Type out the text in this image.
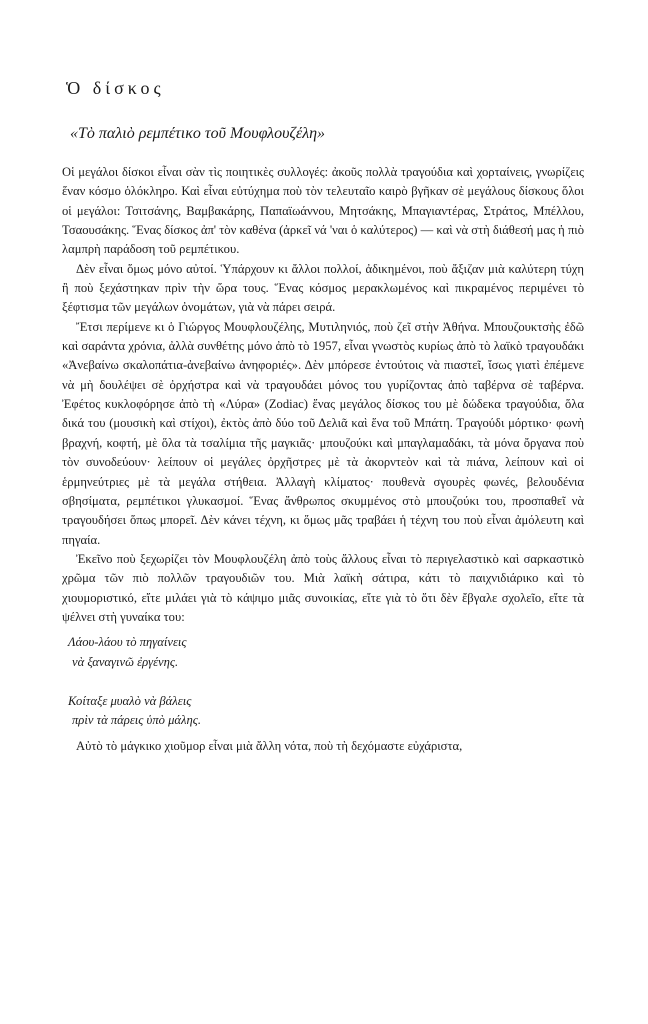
Ὁ δίσκος
«Τὸ παλιὸ ρεμπέτικο τοῦ Μουφλουζέλη»

Οἱ μεγάλοι δίσκοι εἶναι σὰν τὶς ποιητικὲς συλλογές: ἀκοῦς πολλὰ τραγούδια καὶ χορταίνεις, γνωρίζεις ἕναν κόσμο ὁλόκληρο. Καὶ εἶναι εὐτύχημα ποὺ τὸν τελευταῖο καιρὸ βγῆκαν σὲ μεγάλους δίσκους ὅλοι οἱ μεγάλοι: Τσιτσάνης, Βαμβακάρης, Παπαϊωάννου, Μητσάκης, Μπαγιαντέρας, Στράτος, Μπέλλου, Τσαουσάκης. Ἕνας δίσκος ἀπ' τὸν καθένα (ἀρκεῖ νά 'ναι ὁ καλύτερος) — καὶ νὰ στὴ διάθεσή μας ἡ πιὸ λαμπρὴ παράδοση τοῦ ρεμπέτικου.

Δὲν εἶναι ὅμως μόνο αὐτοί. Ὑπάρχουν κι ἄλλοι πολλοί, ἀδικημένοι, ποὺ ἄξιζαν μιὰ καλύτερη τύχη ἢ ποὺ ξεχάστηκαν πρὶν τὴν ὥρα τους. Ἕνας κόσμος μερακλωμένος καὶ πικραμένος περιμένει τὸ ξέφτισμα τῶν μεγάλων ὀνομάτων, γιὰ νὰ πάρει σειρά.

Ἔτσι περίμενε κι ὁ Γιώργος Μουφλουζέλης, Μυτιληνιός, ποὺ ζεῖ στὴν Ἀθήνα. Μπουζουκτσὴς ἐδῶ καὶ σαράντα χρόνια, ἀλλὰ συνθέτης μόνο ἀπὸ τὸ 1957, εἶναι γνωστὸς κυρίως ἀπὸ τὸ λαϊκὸ τραγουδάκι «Ἀνεβαίνω σκαλοπάτια-ἀνεβαίνω ἀνηφοριές». Δὲν μπόρεσε ἐντούτοις νὰ πιαστεῖ, ἴσως γιατὶ ἐπέμενε νὰ μὴ δουλέψει σὲ ὀρχήστρα καὶ νὰ τραγουδάει μόνος του γυρίζοντας ἀπὸ ταβέρνα σὲ ταβέρνα. Ἐφέτος κυκλοφόρησε ἀπὸ τὴ «Λύρα» (Zodiac) ἕνας μεγάλος δίσκος του μὲ δώδεκα τραγούδια, ὅλα δικά του (μουσικὴ καὶ στίχοι), ἐκτὸς ἀπὸ δύο τοῦ Δελιᾶ καὶ ἕνα τοῦ Μπάτη. Τραγούδι μόρτικο· φωνὴ βραχνή, κοφτή, μὲ ὅλα τὰ τσαλίμια τῆς μαγκιᾶς· μπουζούκι καὶ μπαγλαμαδάκι, τὰ μόνα ὄργανα ποὺ τὸν συνοδεύουν· λείπουν οἱ μεγάλες ὀρχῆστρες μὲ τὰ ἀκορντεὸν καὶ τὰ πιάνα, λείπουν καὶ οἱ ἑρμηνεύτριες μὲ τὰ μεγάλα στήθεια. Ἀλλαγὴ κλίματος· πουθενὰ σγουρὲς φωνές, βελουδένια σβησίματα, ρεμπέτικοι γλυκασμοί. Ἕνας ἄνθρωπος σκυμμένος στὸ μπουζούκι του, προσπαθεῖ νὰ τραγουδήσει ὅπως μπορεῖ. Δὲν κάνει τέχνη, κι ὅμως μᾶς τραβάει ἡ τέχνη του ποὺ εἶναι ἀμόλευτη καὶ πηγαία.

Ἐκεῖνο ποὺ ξεχωρίζει τὸν Μουφλουζέλη ἀπὸ τοὺς ἄλλους εἶναι τὸ περιγελαστικὸ καὶ σαρκαστικὸ χρῶμα τῶν πιὸ πολλῶν τραγουδιῶν του. Μιὰ λαϊκὴ σάτιρα, κάτι τὸ παιχνιδιάρικο καὶ τὸ χιουμοριστικό, εἴτε μιλάει γιὰ τὸ κάψιμο μιᾶς συνοικίας, εἴτε γιὰ τὸ ὅτι δὲν ἔβγαλε σχολεῖο, εἴτε τὰ ψέλνει στὴ γυναίκα του:

Λάου-λάου τὸ πηγαίνεις
νὰ ξαναγινῶ ἐργένης.
Κοίταξε μυαλὸ νὰ βάλεις
πρὶν τὰ πάρεις ὑπὸ μάλης.

Αὐτὸ τὸ μάγκικο χιοῦμορ εἶναι μιὰ ἄλλη νότα, ποὺ τὴ δεχόμαστε εὐχάριστα,
